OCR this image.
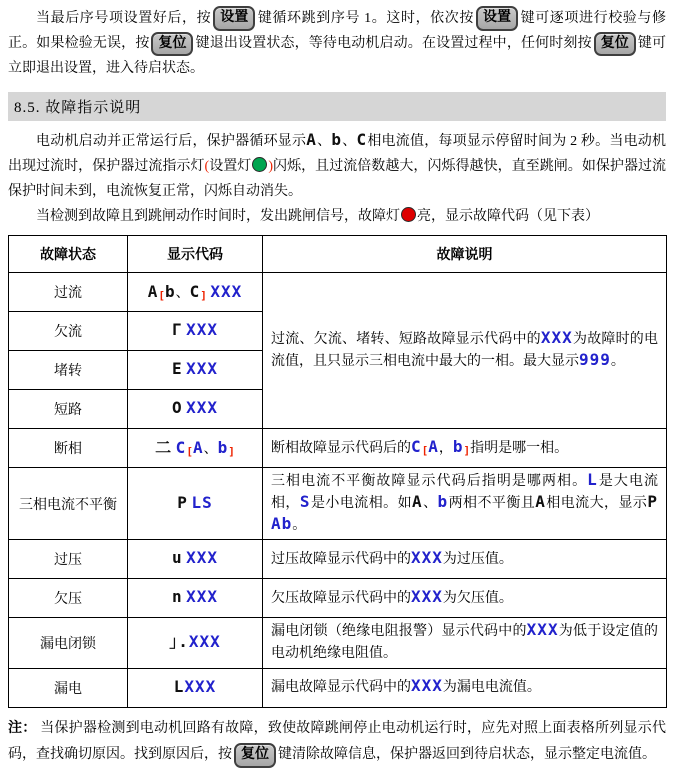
当最后序号项设置好后，按 设置 键循环跳到序号 1。这时，依次按 设置 键可逐项进行校验与修正。如果检验无误，按 复位 键退出设置状态，等待电动机启动。在设置过程中，任何时刻按 复位 键可立即退出设置，进入待启状态。

8.5. 故障指示说明

电动机启动并正常运行后，保护器循环显示A、b、C相电流值，每项显示停留时间为 2 秒。当电动机出现过流时，保护器过流指示灯(设置灯 )闪烁，且过流倍数越大，闪烁得越快，直至跳闸。如保护器过流保护时间未到，电流恢复正常，闪烁自动消失。

当检测到故障且到跳闸动作时间时，发出跳闸信号，故障灯 亮，显示故障代码（见下表）

故障状态	显示代码	故障说明
过流	A[b、C] XXX	过流、欠流、堵转、短路故障显示代码中的XXX为故障时的电流值，且只显示三相电流中最大的一相。最大显示999。
欠流	Γ XXX	
堵转	E XXX	
短路	O XXX	
断相	二 C[A、b]	断相故障显示代码后的C[A，b]指明是哪一相。
三相电流不平衡	P LS	三相电流不平衡故障显示代码后指明是哪两相。L是大电流相，S是小电流相。如A、b两相不平衡且A相电流大，显示P Ab。
过压	u XXX	过压故障显示代码中的XXX为过压值。
欠压	n XXX	欠压故障显示代码中的XXX为欠压值。
漏电闭锁	｣.XXX	漏电闭锁（绝缘电阻报警）显示代码中的XXX为低于设定值的电动机绝缘电阻值。
漏电	LXXX	漏电故障显示代码中的XXX为漏电电流值。

注： 当保护器检测到电动机回路有故障，致使故障跳闸停止电动机运行时，应先对照上面表格所列显示代码，查找确切原因。找到原因后，按 复位 键清除故障信息，保护器返回到待启状态，显示整定电流值。
